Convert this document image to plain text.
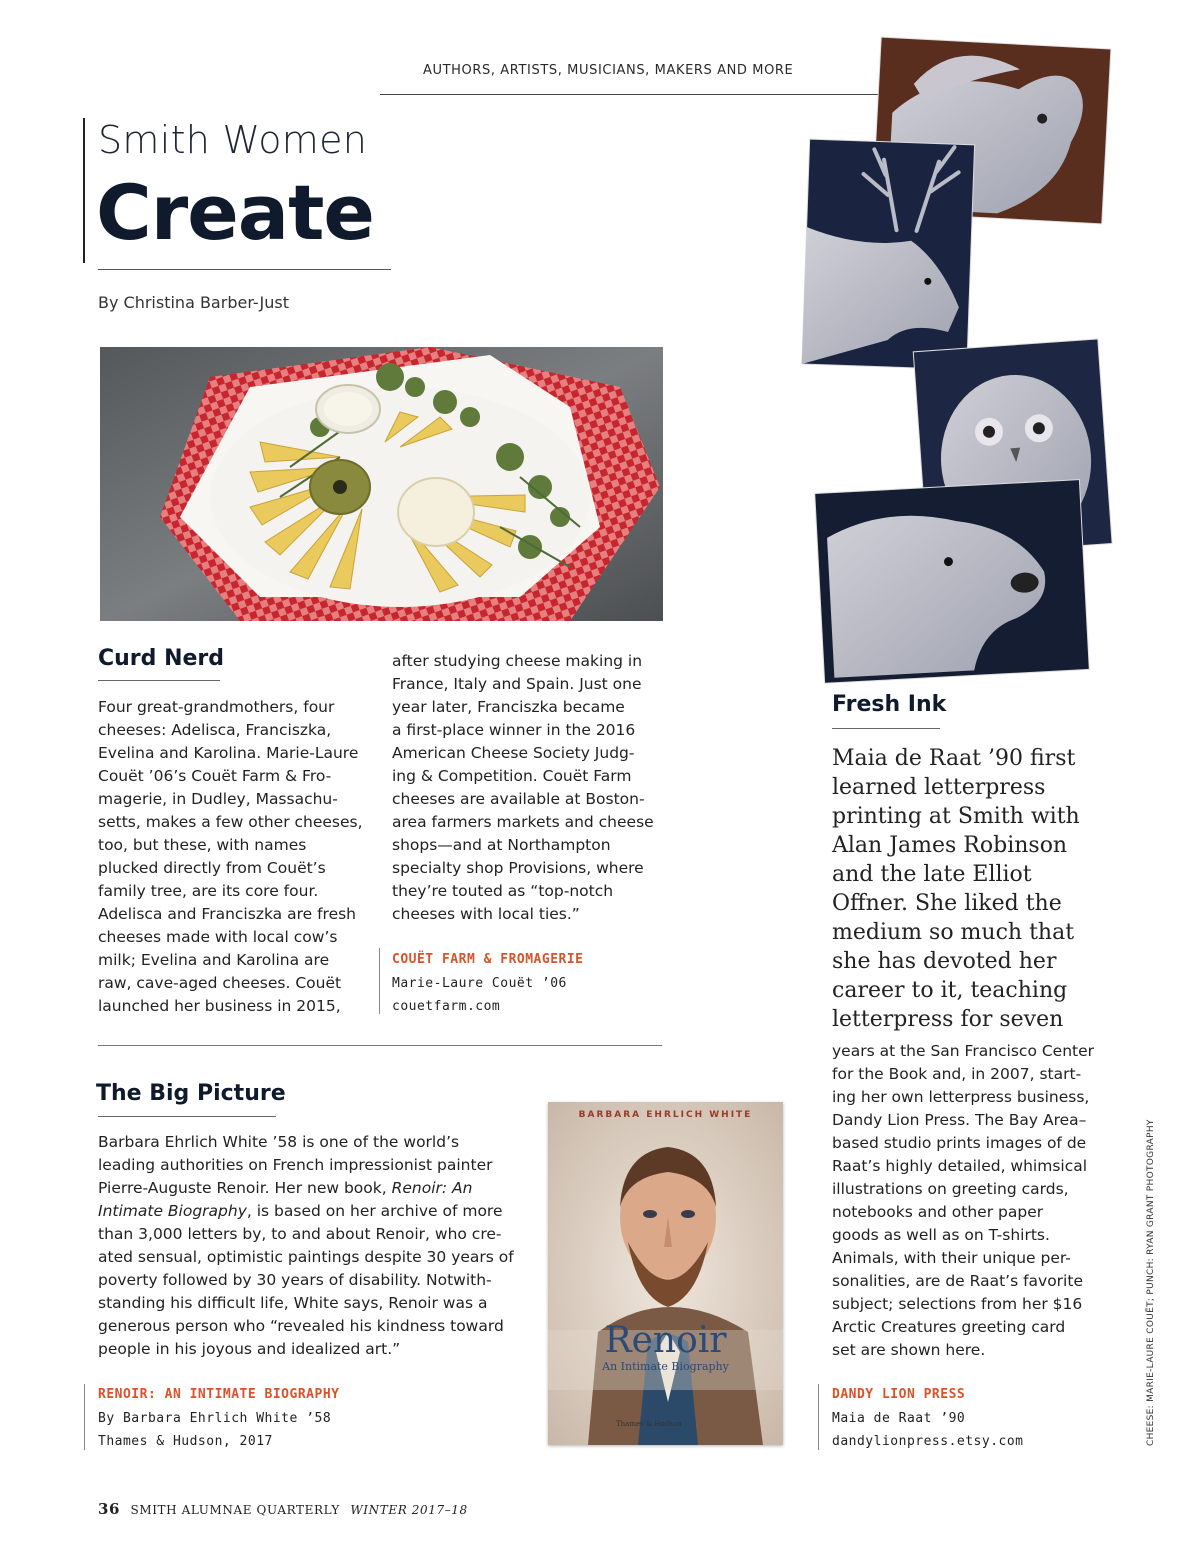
AUTHORS, ARTISTS, MUSICIANS, MAKERS AND MORE
Smith Women
Create
By Christina Barber-Just
Curd Nerd
Four great-grandmothers, four
cheeses: Adelisca, Franciszka,
Evelina and Karolina. Marie-Laure
Couët ’06’s Couët Farm & Fro-
magerie, in Dudley, Massachu-
setts, makes a few other cheeses,
too, but these, with names
plucked directly from Couët’s
family tree, are its core four.
Adelisca and Franciszka are fresh
cheeses made with local cow’s
milk; Evelina and Karolina are
raw, cave-aged cheeses. Couët
launched her business in 2015,
after studying cheese making in
France, Italy and Spain. Just one
year later, Franciszka became
a first-place winner in the 2016
American Cheese Society Judg-
ing & Competition. Couët Farm
cheeses are available at Boston-
area farmers markets and cheese
shops—and at Northampton
specialty shop Provisions, where
they’re touted as “top-notch
cheeses with local ties.”
COUËT FARM & FROMAGERIE
Marie-Laure Couët ’06
couetfarm.com
The Big Picture
Barbara Ehrlich White ’58 is one of the world’s
leading authorities on French impressionist painter
Pierre-Auguste Renoir. Her new book, Renoir: An
Intimate Biography, is based on her archive of more
than 3,000 letters by, to and about Renoir, who cre-
ated sensual, optimistic paintings despite 30 years of
poverty followed by 30 years of disability. Notwith-
standing his difficult life, White says, Renoir was a
generous person who “revealed his kindness toward
people in his joyous and idealized art.”
RENOIR: AN INTIMATE BIOGRAPHY
By Barbara Ehrlich White ’58
Thames & Hudson, 2017
BARBARA EHRLICH WHITE
Renoir
An Intimate Biography
Thames & Hudson
Fresh Ink
Maia de Raat ’90 first
learned letterpress
printing at Smith with
Alan James Robinson
and the late Elliot
Offner. She liked the
medium so much that
she has devoted her
career to it, teaching
letterpress for seven
years at the San Francisco Center
for the Book and, in 2007, start-
ing her own letterpress business,
Dandy Lion Press. The Bay Area–
based studio prints images of de
Raat’s highly detailed, whimsical
illustrations on greeting cards,
notebooks and other paper
goods as well as on T-shirts.
Animals, with their unique per-
sonalities, are de Raat’s favorite
subject; selections from her $16
Arctic Creatures greeting card
set are shown here.
DANDY LION PRESS
Maia de Raat ’90
dandylionpress.etsy.com	CHEESE: MARIE-LAURE COUËT; PUNCH: RYAN GRANT PHOTOGRAPHY
36 SMITH ALUMNAE QUARTERLY WINTER 2017–18
